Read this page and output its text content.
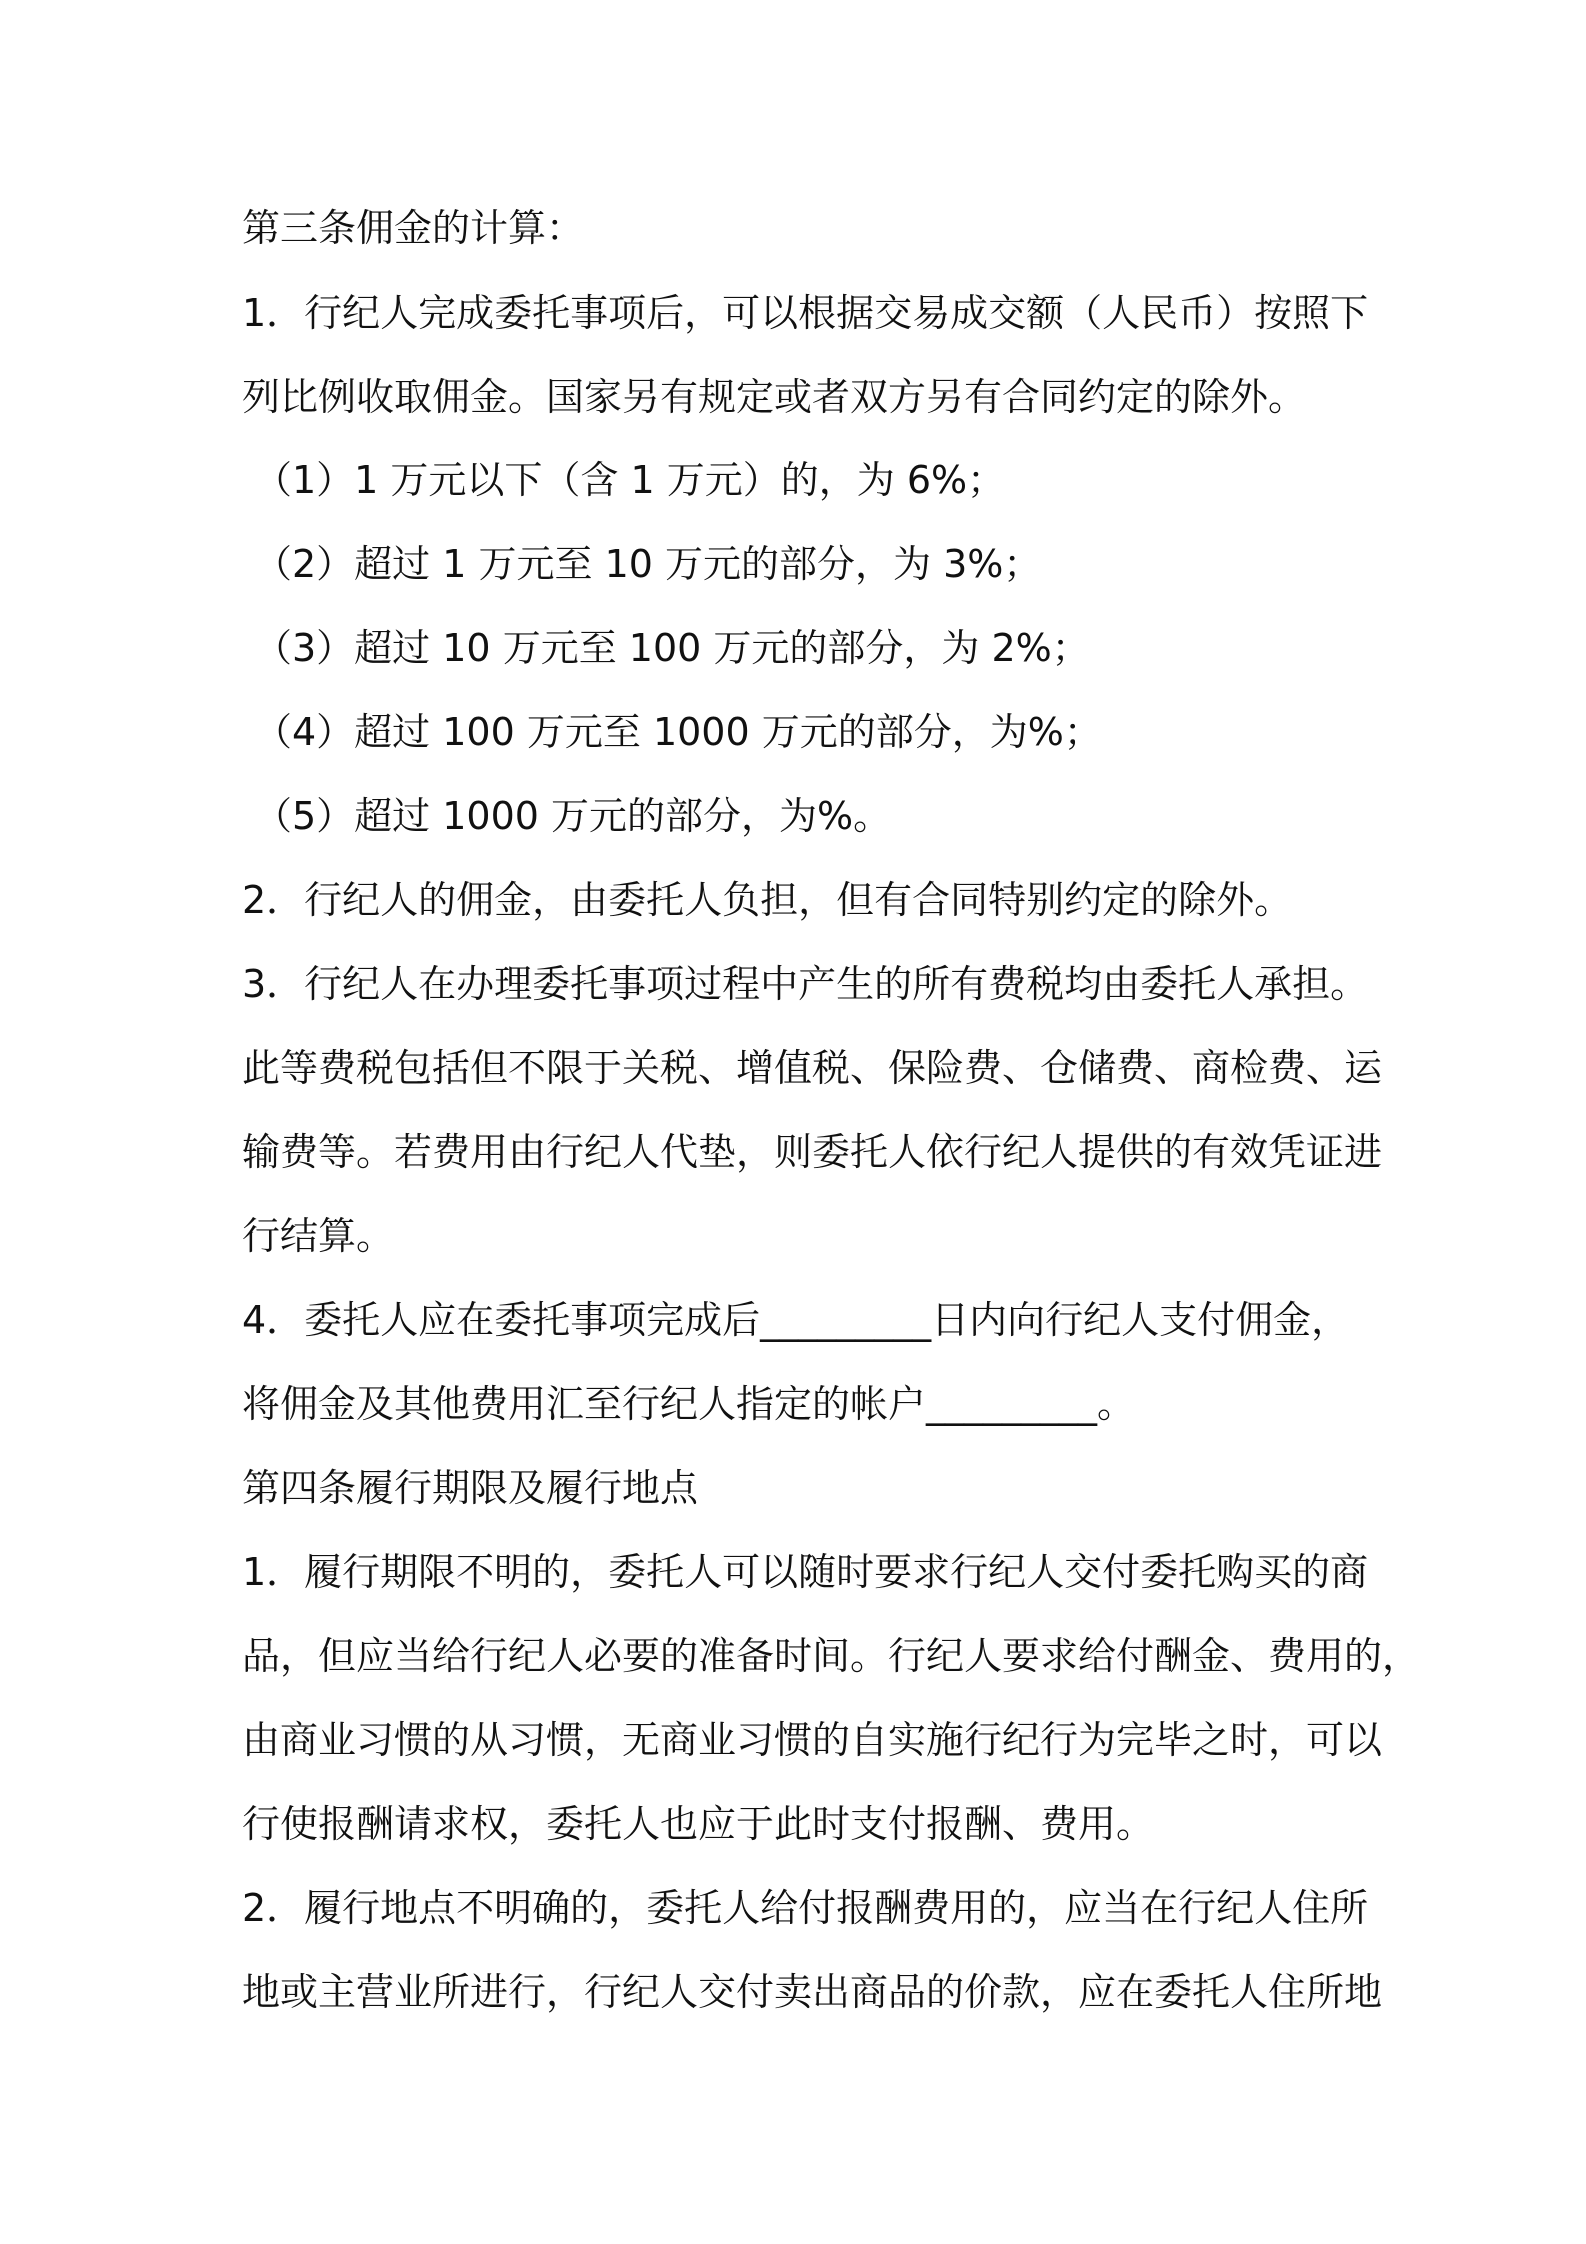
第三条佣金的计算：

1．行纪人完成委托事项后，可以根据交易成交额（人民币）按照下

列比例收取佣金。国家另有规定或者双方另有合同约定的除外。

（1）1 万元以下（含 1 万元）的，为 6%；

（2）超过 1 万元至 10 万元的部分，为 3%；

（3）超过 10 万元至 100 万元的部分，为 2%；

（4）超过 100 万元至 1000 万元的部分，为%；

（5）超过 1000 万元的部分，为%。

2．行纪人的佣金，由委托人负担，但有合同特别约定的除外。

3．行纪人在办理委托事项过程中产生的所有费税均由委托人承担。

此等费税包括但不限于关税、增值税、保险费、仓储费、商检费、运

输费等。若费用由行纪人代垫，则委托人依行纪人提供的有效凭证进

行结算。

4．委托人应在委托事项完成后_________日内向行纪人支付佣金，

将佣金及其他费用汇至行纪人指定的帐户_________。

第四条履行期限及履行地点

1．履行期限不明的，委托人可以随时要求行纪人交付委托购买的商

品，但应当给行纪人必要的准备时间。行纪人要求给付酬金、费用的，

由商业习惯的从习惯，无商业习惯的自实施行纪行为完毕之时，可以

行使报酬请求权，委托人也应于此时支付报酬、费用。

2．履行地点不明确的，委托人给付报酬费用的，应当在行纪人住所

地或主营业所进行，行纪人交付卖出商品的价款，应在委托人住所地
